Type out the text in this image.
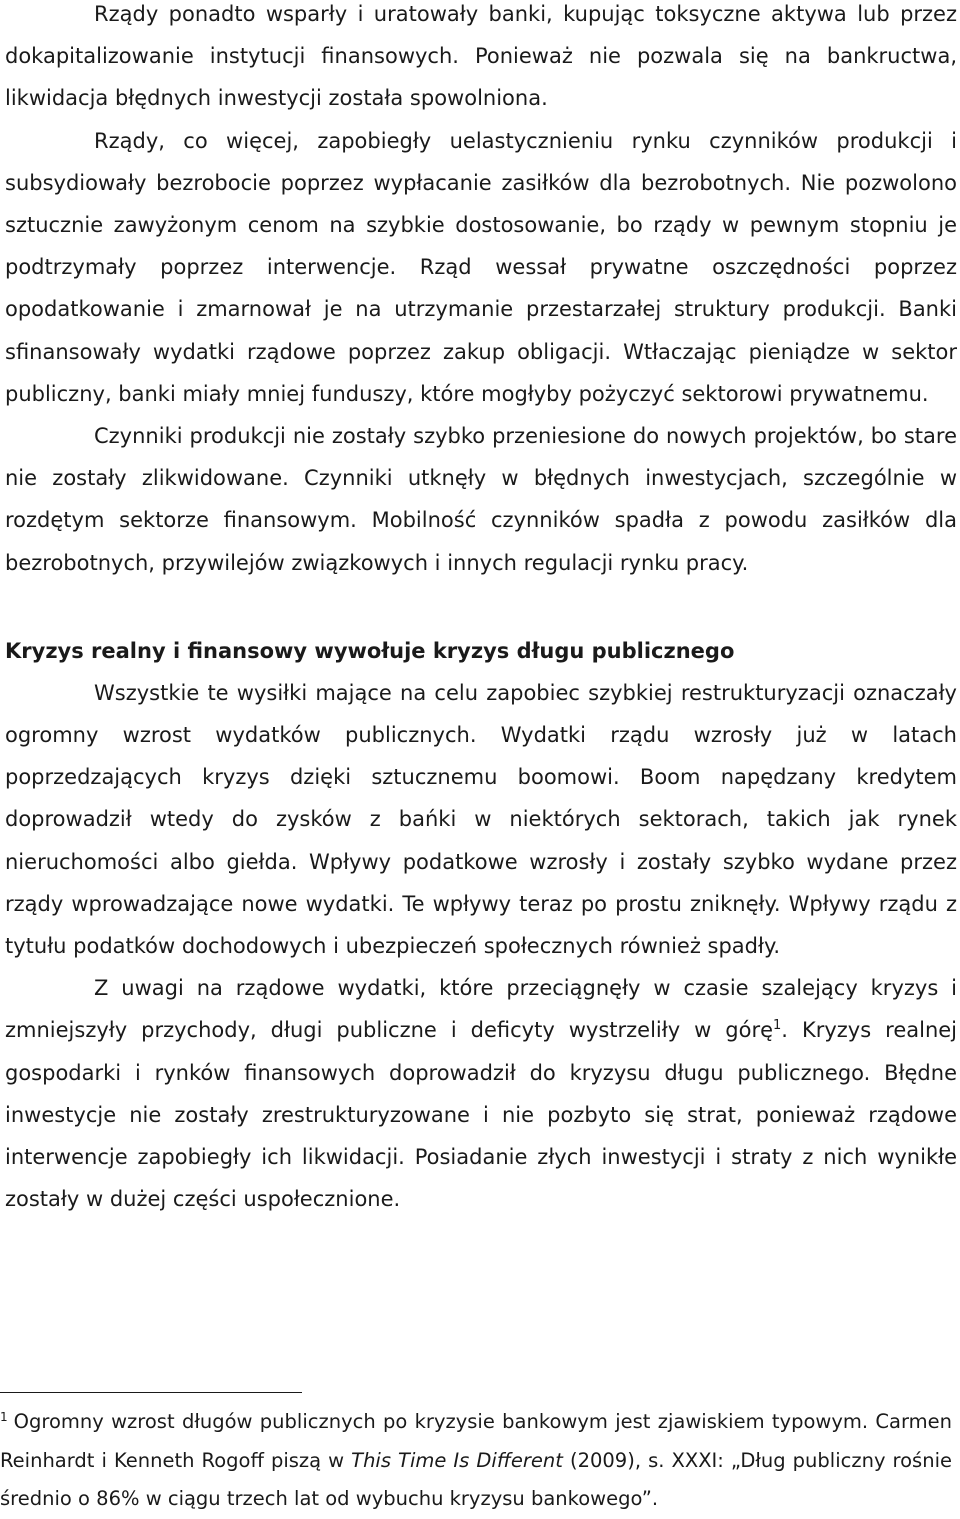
Rządy ponadto wsparły i uratowały banki, kupując toksyczne aktywa lub przez dokapitalizowanie instytucji finansowych. Ponieważ nie pozwala się na bankructwa, likwidacja błędnych inwestycji została spowolniona.

Rządy, co więcej, zapobiegły uelastycznieniu rynku czynników produkcji i subsydiowały bezrobocie poprzez wypłacanie zasiłków dla bezrobotnych. Nie pozwolono sztucznie zawyżonym cenom na szybkie dostosowanie, bo rządy w pewnym stopniu je podtrzymały poprzez interwencje. Rząd wessał prywatne oszczędności poprzez opodatkowanie i zmarnował je na utrzymanie przestarzałej struktury produkcji. Banki sfinansowały wydatki rządowe poprzez zakup obligacji. Wtłaczając pieniądze w sektor publiczny, banki miały mniej funduszy, które mogłyby pożyczyć sektorowi prywatnemu.

Czynniki produkcji nie zostały szybko przeniesione do nowych projektów, bo stare nie zostały zlikwidowane. Czynniki utknęły w błędnych inwestycjach, szczególnie w rozdętym sektorze finansowym. Mobilność czynników spadła z powodu zasiłków dla bezrobotnych, przywilejów związkowych i innych regulacji rynku pracy.

Kryzys realny i finansowy wywołuje kryzys długu publicznego

Wszystkie te wysiłki mające na celu zapobiec szybkiej restrukturyzacji oznaczały ogromny wzrost wydatków publicznych. Wydatki rządu wzrosły już w latach poprzedzających kryzys dzięki sztucznemu boomowi. Boom napędzany kredytem doprowadził wtedy do zysków z bańki w niektórych sektorach, takich jak rynek nieruchomości albo giełda. Wpływy podatkowe wzrosły i zostały szybko wydane przez rządy wprowadzające nowe wydatki. Te wpływy teraz po prostu zniknęły. Wpływy rządu z tytułu podatków dochodowych i ubezpieczeń społecznych również spadły.

Z uwagi na rządowe wydatki, które przeciągnęły w czasie szalejący kryzys i zmniejszyły przychody, długi publiczne i deficyty wystrzeliły w górę$^1$. Kryzys realnej gospodarki i rynków finansowych doprowadził do kryzysu długu publicznego. Błędne inwestycje nie zostały zrestrukturyzowane i nie pozbyto się strat, ponieważ rządowe interwencje zapobiegły ich likwidacji. Posiadanie złych inwestycji i straty z nich wynikłe zostały w dużej części uspołecznione.

$^1$ Ogromny wzrost długów publicznych po kryzysie bankowym jest zjawiskiem typowym. Carmen Reinhardt i Kenneth Rogoff piszą w This Time Is Different (2009), s. XXXI: „Dług publiczny rośnie średnio o 86% w ciągu trzech lat od wybuchu kryzysu bankowego”.
